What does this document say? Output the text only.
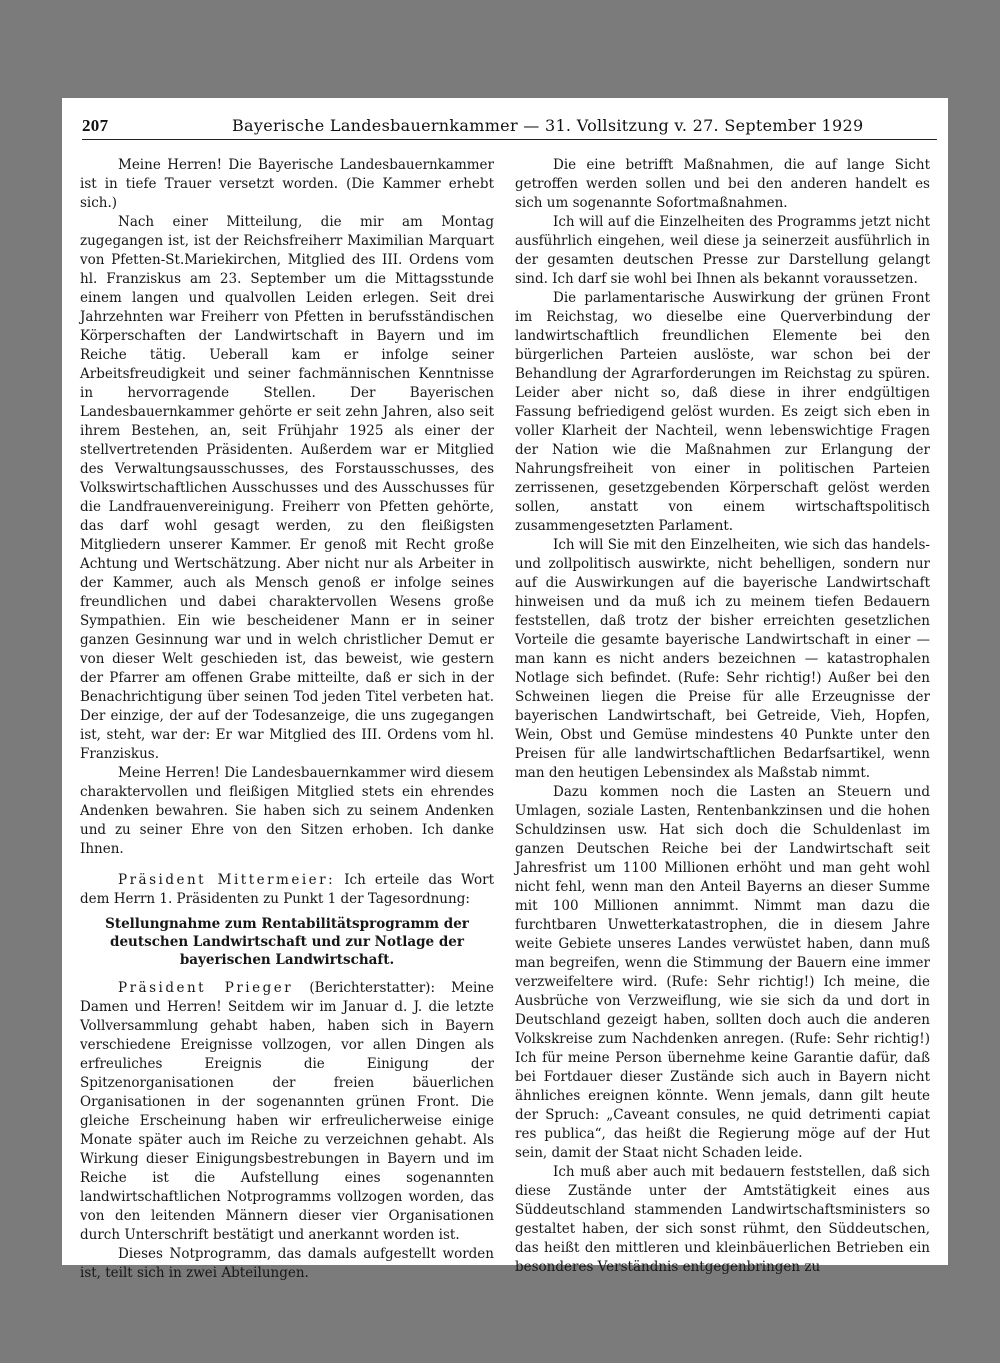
207	Bayerische Landesbauernkammer — 31. Vollsitzung v. 27. September 1929

Meine Herren! Die Bayerische Landesbauernkammer ist in tiefe Trauer versetzt worden. (Die Kammer erhebt sich.)

Nach einer Mitteilung, die mir am Montag zugegangen ist, ist der Reichsfreiherr Maximilian Marquart von Pfetten-St.Mariekirchen, Mitglied des III. Ordens vom hl. Franziskus am 23. September um die Mittagsstunde einem langen und qualvollen Leiden erlegen. Seit drei Jahrzehnten war Freiherr von Pfetten in berufsständischen Körperschaften der Landwirtschaft in Bayern und im Reiche tätig. Ueberall kam er infolge seiner Arbeitsfreudigkeit und seiner fachmännischen Kenntnisse in hervorragende Stellen. Der Bayerischen Landesbauernkammer gehörte er seit zehn Jahren, also seit ihrem Bestehen, an, seit Frühjahr 1925 als einer der stellvertretenden Präsidenten. Außerdem war er Mitglied des Verwaltungsausschusses, des Forstausschusses, des Volkswirtschaftlichen Ausschusses und des Ausschusses für die Landfrauenvereinigung. Freiherr von Pfetten gehörte, das darf wohl gesagt werden, zu den fleißigsten Mitgliedern unserer Kammer. Er genoß mit Recht große Achtung und Wertschätzung. Aber nicht nur als Arbeiter in der Kammer, auch als Mensch genoß er infolge seines freundlichen und dabei charaktervollen Wesens große Sympathien. Ein wie bescheidener Mann er in seiner ganzen Gesinnung war und in welch christlicher Demut er von dieser Welt geschieden ist, das beweist, wie gestern der Pfarrer am offenen Grabe mitteilte, daß er sich in der Benachrichtigung über seinen Tod jeden Titel verbeten hat. Der einzige, der auf der Todesanzeige, die uns zugegangen ist, steht, war der: Er war Mitglied des III. Ordens vom hl. Franziskus.

Meine Herren! Die Landesbauernkammer wird diesem charaktervollen und fleißigen Mitglied stets ein ehrendes Andenken bewahren. Sie haben sich zu seinem Andenken und zu seiner Ehre von den Sitzen erhoben. Ich danke Ihnen.

Präsident Mittermeier: Ich erteile das Wort dem Herrn 1. Präsidenten zu Punkt 1 der Tagesordnung:

Stellungnahme zum Rentabilitätsprogramm der deutschen Landwirtschaft und zur Notlage der bayerischen Landwirtschaft.

Präsident Prieger (Berichterstatter): Meine Damen und Herren! Seitdem wir im Januar d. J. die letzte Vollversammlung gehabt haben, haben sich in Bayern verschiedene Ereignisse vollzogen, vor allen Dingen als erfreuliches Ereignis die Einigung der Spitzenorganisationen der freien bäuerlichen Organisationen in der sogenannten grünen Front. Die gleiche Erscheinung haben wir erfreulicherweise einige Monate später auch im Reiche zu verzeichnen gehabt. Als Wirkung dieser Einigungsbestrebungen in Bayern und im Reiche ist die Aufstellung eines sogenannten landwirtschaftlichen Notprogramms vollzogen worden, das von den leitenden Männern dieser vier Organisationen durch Unterschrift bestätigt und anerkannt worden ist.

Dieses Notprogramm, das damals aufgestellt worden ist, teilt sich in zwei Abteilungen.

Die eine betrifft Maßnahmen, die auf lange Sicht getroffen werden sollen und bei den anderen handelt es sich um sogenannte Sofortmaßnahmen.

Ich will auf die Einzelheiten des Programms jetzt nicht ausführlich eingehen, weil diese ja seinerzeit ausführlich in der gesamten deutschen Presse zur Darstellung gelangt sind. Ich darf sie wohl bei Ihnen als bekannt voraussetzen.

Die parlamentarische Auswirkung der grünen Front im Reichstag, wo dieselbe eine Querverbindung der landwirtschaftlich freundlichen Elemente bei den bürgerlichen Parteien auslöste, war schon bei der Behandlung der Agrarforderungen im Reichstag zu spüren. Leider aber nicht so, daß diese in ihrer endgültigen Fassung befriedigend gelöst wurden. Es zeigt sich eben in voller Klarheit der Nachteil, wenn lebenswichtige Fragen der Nation wie die Maßnahmen zur Erlangung der Nahrungsfreiheit von einer in politischen Parteien zerrissenen, gesetzgebenden Körperschaft gelöst werden sollen, anstatt von einem wirtschaftspolitisch zusammengesetzten Parlament.

Ich will Sie mit den Einzelheiten, wie sich das handels- und zollpolitisch auswirkte, nicht behelligen, sondern nur auf die Auswirkungen auf die bayerische Landwirtschaft hinweisen und da muß ich zu meinem tiefen Bedauern feststellen, daß trotz der bisher erreichten gesetzlichen Vorteile die gesamte bayerische Landwirtschaft in einer — man kann es nicht anders bezeichnen — katastrophalen Notlage sich befindet. (Rufe: Sehr richtig!) Außer bei den Schweinen liegen die Preise für alle Erzeugnisse der bayerischen Landwirtschaft, bei Getreide, Vieh, Hopfen, Wein, Obst und Gemüse mindestens 40 Punkte unter den Preisen für alle landwirtschaftlichen Bedarfsartikel, wenn man den heutigen Lebensindex als Maßstab nimmt.

Dazu kommen noch die Lasten an Steuern und Umlagen, soziale Lasten, Rentenbankzinsen und die hohen Schuldzinsen usw. Hat sich doch die Schuldenlast im ganzen Deutschen Reiche bei der Landwirtschaft seit Jahresfrist um 1100 Millionen erhöht und man geht wohl nicht fehl, wenn man den Anteil Bayerns an dieser Summe mit 100 Millionen annimmt. Nimmt man dazu die furchtbaren Unwetterkatastrophen, die in diesem Jahre weite Gebiete unseres Landes verwüstet haben, dann muß man begreifen, wenn die Stimmung der Bauern eine immer verzweifeltere wird. (Rufe: Sehr richtig!) Ich meine, die Ausbrüche von Verzweiflung, wie sie sich da und dort in Deutschland gezeigt haben, sollten doch auch die anderen Volkskreise zum Nachdenken anregen. (Rufe: Sehr richtig!) Ich für meine Person übernehme keine Garantie dafür, daß bei Fortdauer dieser Zustände sich auch in Bayern nicht ähnliches ereignen könnte. Wenn jemals, dann gilt heute der Spruch: „Caveant consules, ne quid detrimenti capiat res publica“, das heißt die Regierung möge auf der Hut sein, damit der Staat nicht Schaden leide.

Ich muß aber auch mit bedauern feststellen, daß sich diese Zustände unter der Amtstätigkeit eines aus Süddeutschland stammenden Landwirtschaftsministers so gestaltet haben, der sich sonst rühmt, den Süddeutschen, das heißt den mittleren und kleinbäuerlichen Betrieben ein besonderes Verständnis entgegenbringen zu
